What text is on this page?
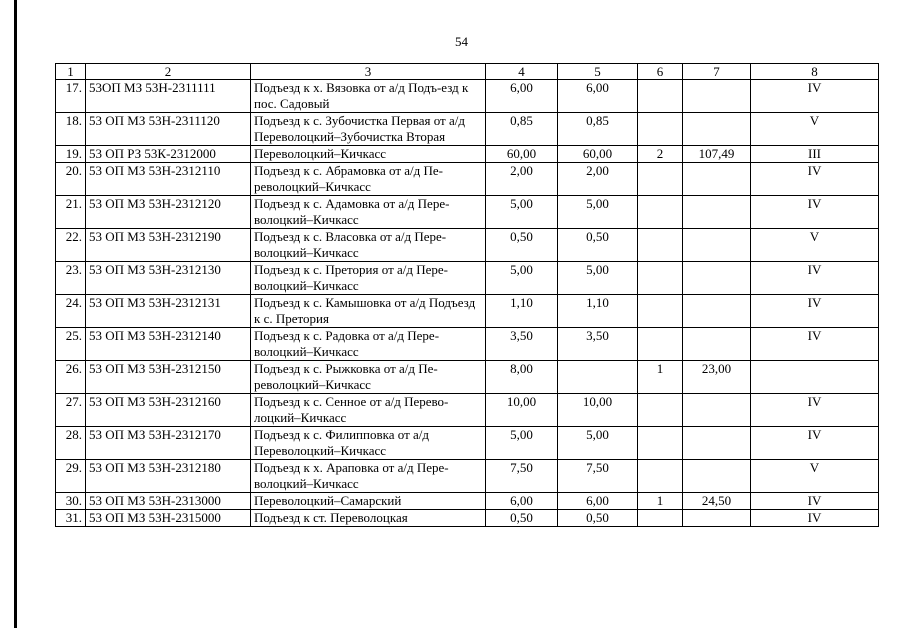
54
1	2	3	4	5	6	7	8
17.	53ОП МЗ 53Н-2311111	Подъезд к х. Вязовка от а/д Подъ-езд к пос. Садовый	6,00	6,00			IV
18.	53 ОП МЗ 53Н-2311120	Подъезд к с. Зубочистка Первая от а/д Переволоцкий–Зубочистка Вторая	0,85	0,85			V
19.	53 ОП РЗ 53К-2312000	Переволоцкий–Кичкасс	60,00	60,00	2	107,49	III
20.	53 ОП МЗ 53Н-2312110	Подъезд к с. Абрамовка от а/д Пе-револоцкий–Кичкасс	2,00	2,00			IV
21.	53 ОП МЗ 53Н-2312120	Подъезд к с. Адамовка от а/д Пере-волоцкий–Кичкасс	5,00	5,00			IV
22.	53 ОП МЗ 53Н-2312190	Подъезд к с. Власовка от а/д Пере-волоцкий–Кичкасс	0,50	0,50			V
23.	53 ОП МЗ 53Н-2312130	Подъезд к с. Претория от а/д Пере-волоцкий–Кичкасс	5,00	5,00			IV
24.	53 ОП МЗ 53Н-2312131	Подъезд к с. Камышовка от а/д Подъезд к с. Претория	1,10	1,10			IV
25.	53 ОП МЗ 53Н-2312140	Подъезд к с. Радовка от а/д Пере-волоцкий–Кичкасс	3,50	3,50			IV
26.	53 ОП МЗ 53Н-2312150	Подъезд к с. Рыжковка от а/д Пе-револоцкий–Кичкасс	8,00		1	23,00	
27.	53 ОП МЗ 53Н-2312160	Подъезд к с. Сенное от а/д Перево-лоцкий–Кичкасс	10,00	10,00			IV
28.	53 ОП МЗ 53Н-2312170	Подъезд к с. Филипповка от а/д Переволоцкий–Кичкасс	5,00	5,00			IV
29.	53 ОП МЗ 53Н-2312180	Подъезд к х. Араповка от а/д Пере-волоцкий–Кичкасс	7,50	7,50			V
30.	53 ОП МЗ 53Н-2313000	Переволоцкий–Самарский	6,00	6,00	1	24,50	IV
31.	53 ОП МЗ 53Н-2315000	Подъезд к ст. Переволоцкая	0,50	0,50			IV
